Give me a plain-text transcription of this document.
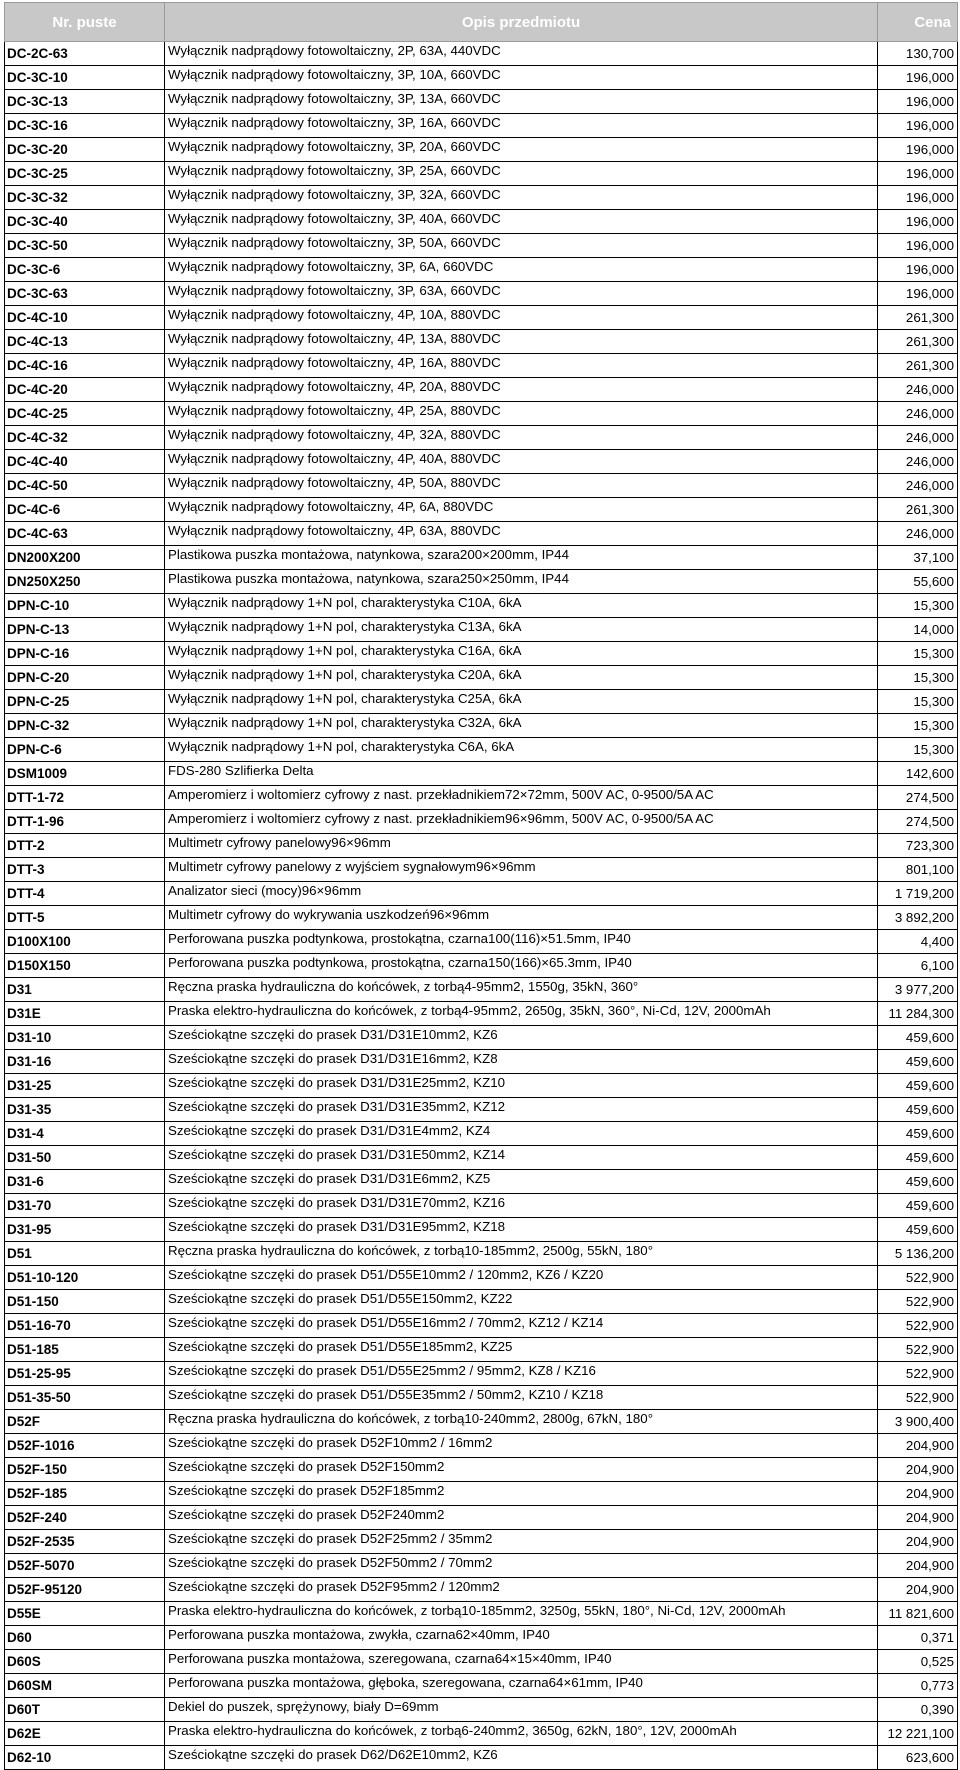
Nr. puste	Opis przedmiotu	Cena
DC-2C-63	Wyłącznik nadprądowy fotowoltaiczny, 2P, 63A, 440VDC	130,700
DC-3C-10	Wyłącznik nadprądowy fotowoltaiczny, 3P, 10A, 660VDC	196,000
DC-3C-13	Wyłącznik nadprądowy fotowoltaiczny, 3P, 13A, 660VDC	196,000
DC-3C-16	Wyłącznik nadprądowy fotowoltaiczny, 3P, 16A, 660VDC	196,000
DC-3C-20	Wyłącznik nadprądowy fotowoltaiczny, 3P, 20A, 660VDC	196,000
DC-3C-25	Wyłącznik nadprądowy fotowoltaiczny, 3P, 25A, 660VDC	196,000
DC-3C-32	Wyłącznik nadprądowy fotowoltaiczny, 3P, 32A, 660VDC	196,000
DC-3C-40	Wyłącznik nadprądowy fotowoltaiczny, 3P, 40A, 660VDC	196,000
DC-3C-50	Wyłącznik nadprądowy fotowoltaiczny, 3P, 50A, 660VDC	196,000
DC-3C-6	Wyłącznik nadprądowy fotowoltaiczny, 3P, 6A, 660VDC	196,000
DC-3C-63	Wyłącznik nadprądowy fotowoltaiczny, 3P, 63A, 660VDC	196,000
DC-4C-10	Wyłącznik nadprądowy fotowoltaiczny, 4P, 10A, 880VDC	261,300
DC-4C-13	Wyłącznik nadprądowy fotowoltaiczny, 4P, 13A, 880VDC	261,300
DC-4C-16	Wyłącznik nadprądowy fotowoltaiczny, 4P, 16A, 880VDC	261,300
DC-4C-20	Wyłącznik nadprądowy fotowoltaiczny, 4P, 20A, 880VDC	246,000
DC-4C-25	Wyłącznik nadprądowy fotowoltaiczny, 4P, 25A, 880VDC	246,000
DC-4C-32	Wyłącznik nadprądowy fotowoltaiczny, 4P, 32A, 880VDC	246,000
DC-4C-40	Wyłącznik nadprądowy fotowoltaiczny, 4P, 40A, 880VDC	246,000
DC-4C-50	Wyłącznik nadprądowy fotowoltaiczny, 4P, 50A, 880VDC	246,000
DC-4C-6	Wyłącznik nadprądowy fotowoltaiczny, 4P, 6A, 880VDC	261,300
DC-4C-63	Wyłącznik nadprądowy fotowoltaiczny, 4P, 63A, 880VDC	246,000
DN200X200	Plastikowa puszka montażowa, natynkowa, szara200×200mm, IP44	37,100
DN250X250	Plastikowa puszka montażowa, natynkowa, szara250×250mm, IP44	55,600
DPN-C-10	Wyłącznik nadprądowy 1+N pol, charakterystyka C10A, 6kA	15,300
DPN-C-13	Wyłącznik nadprądowy 1+N pol, charakterystyka C13A, 6kA	14,000
DPN-C-16	Wyłącznik nadprądowy 1+N pol, charakterystyka C16A, 6kA	15,300
DPN-C-20	Wyłącznik nadprądowy 1+N pol, charakterystyka C20A, 6kA	15,300
DPN-C-25	Wyłącznik nadprądowy 1+N pol, charakterystyka C25A, 6kA	15,300
DPN-C-32	Wyłącznik nadprądowy 1+N pol, charakterystyka C32A, 6kA	15,300
DPN-C-6	Wyłącznik nadprądowy 1+N pol, charakterystyka C6A, 6kA	15,300
DSM1009	FDS-280 Szlifierka Delta	142,600
DTT-1-72	Amperomierz i woltomierz cyfrowy z nast. przekładnikiem72×72mm, 500V AC, 0-9500/5A AC	274,500
DTT-1-96	Amperomierz i woltomierz cyfrowy z nast. przekładnikiem96×96mm, 500V AC, 0-9500/5A AC	274,500
DTT-2	Multimetr cyfrowy panelowy96×96mm	723,300
DTT-3	Multimetr cyfrowy panelowy z wyjściem sygnałowym96×96mm	801,100
DTT-4	Analizator sieci (mocy)96×96mm	1 719,200
DTT-5	Multimetr cyfrowy do wykrywania uszkodzeń96×96mm	3 892,200
D100X100	Perforowana puszka podtynkowa, prostokątna, czarna100(116)×51.5mm, IP40	4,400
D150X150	Perforowana puszka podtynkowa, prostokątna, czarna150(166)×65.3mm, IP40	6,100
D31	Ręczna praska hydrauliczna do końcówek, z torbą4-95mm2, 1550g, 35kN, 360°	3 977,200
D31E	Praska elektro-hydrauliczna do końcówek, z torbą4-95mm2, 2650g, 35kN, 360°, Ni-Cd, 12V, 2000mAh	11 284,300
D31-10	Sześciokątne szczęki do prasek D31/D31E10mm2, KZ6	459,600
D31-16	Sześciokątne szczęki do prasek D31/D31E16mm2, KZ8	459,600
D31-25	Sześciokątne szczęki do prasek D31/D31E25mm2, KZ10	459,600
D31-35	Sześciokątne szczęki do prasek D31/D31E35mm2, KZ12	459,600
D31-4	Sześciokątne szczęki do prasek D31/D31E4mm2, KZ4	459,600
D31-50	Sześciokątne szczęki do prasek D31/D31E50mm2, KZ14	459,600
D31-6	Sześciokątne szczęki do prasek D31/D31E6mm2, KZ5	459,600
D31-70	Sześciokątne szczęki do prasek D31/D31E70mm2, KZ16	459,600
D31-95	Sześciokątne szczęki do prasek D31/D31E95mm2, KZ18	459,600
D51	Ręczna praska hydrauliczna do końcówek, z torbą10-185mm2, 2500g, 55kN, 180°	5 136,200
D51-10-120	Sześciokątne szczęki do prasek D51/D55E10mm2 / 120mm2, KZ6 / KZ20	522,900
D51-150	Sześciokątne szczęki do prasek D51/D55E150mm2, KZ22	522,900
D51-16-70	Sześciokątne szczęki do prasek D51/D55E16mm2 / 70mm2, KZ12 / KZ14	522,900
D51-185	Sześciokątne szczęki do prasek D51/D55E185mm2, KZ25	522,900
D51-25-95	Sześciokątne szczęki do prasek D51/D55E25mm2 / 95mm2, KZ8 / KZ16	522,900
D51-35-50	Sześciokątne szczęki do prasek D51/D55E35mm2 / 50mm2, KZ10 / KZ18	522,900
D52F	Ręczna praska hydrauliczna do końcówek, z torbą10-240mm2, 2800g, 67kN, 180°	3 900,400
D52F-1016	Sześciokątne szczęki do prasek D52F10mm2 / 16mm2	204,900
D52F-150	Sześciokątne szczęki do prasek D52F150mm2	204,900
D52F-185	Sześciokątne szczęki do prasek D52F185mm2	204,900
D52F-240	Sześciokątne szczęki do prasek D52F240mm2	204,900
D52F-2535	Sześciokątne szczęki do prasek D52F25mm2 / 35mm2	204,900
D52F-5070	Sześciokątne szczęki do prasek D52F50mm2 / 70mm2	204,900
D52F-95120	Sześciokątne szczęki do prasek D52F95mm2 / 120mm2	204,900
D55E	Praska elektro-hydrauliczna do końcówek, z torbą10-185mm2, 3250g, 55kN, 180°, Ni-Cd, 12V, 2000mAh	11 821,600
D60	Perforowana puszka montażowa, zwykła, czarna62×40mm, IP40	0,371
D60S	Perforowana puszka montażowa, szeregowana, czarna64×15×40mm, IP40	0,525
D60SM	Perforowana puszka montażowa, głęboka, szeregowana, czarna64×61mm, IP40	0,773
D60T	Dekiel do puszek, sprężynowy, biały D=69mm	0,390
D62E	Praska elektro-hydrauliczna do końcówek, z torbą6-240mm2, 3650g, 62kN, 180°, 12V, 2000mAh	12 221,100
D62-10	Sześciokątne szczęki do prasek D62/D62E10mm2, KZ6	623,600
